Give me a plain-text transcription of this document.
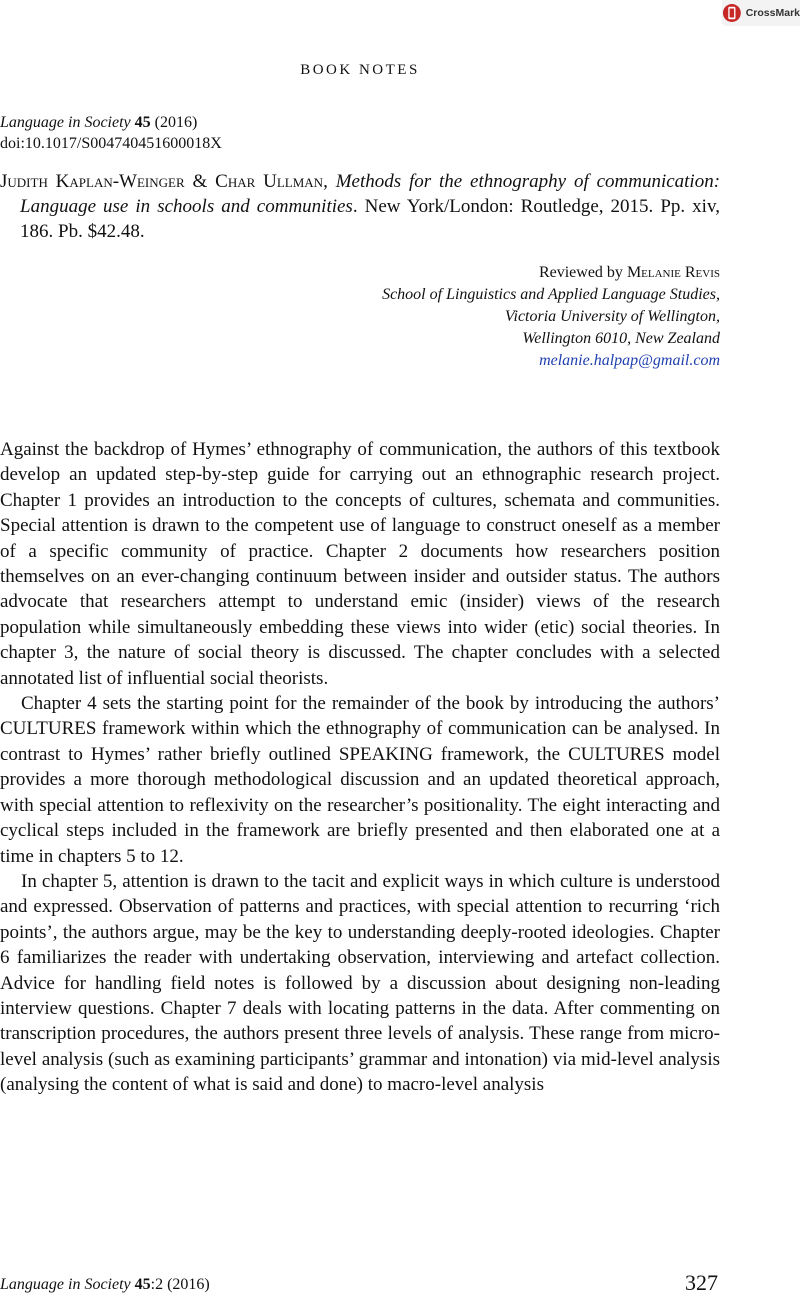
CrossMark
BOOK NOTES
Language in Society 45 (2016)
doi:10.1017/S004740451600018X
Judith Kaplan-Weinger & Char Ullman, Methods for the ethnography of communication: Language use in schools and communities. New York/London: Routledge, 2015. Pp. xiv, 186. Pb. $42.48.
Reviewed by Melanie Revis
School of Linguistics and Applied Language Studies,
Victoria University of Wellington,
Wellington 6010, New Zealand
melanie.halpap@gmail.com

Against the backdrop of Hymes’ ethnography of communication, the authors of this textbook develop an updated step-by-step guide for carrying out an ethnographic research project. Chapter 1 provides an introduction to the concepts of cultures, schemata and communities. Special attention is drawn to the competent use of language to construct oneself as a member of a specific community of practice. Chapter 2 documents how researchers position themselves on an ever-changing continuum between insider and outsider status. The authors advocate that researchers attempt to understand emic (insider) views of the research population while simultaneously embedding these views into wider (etic) social theories. In chapter 3, the nature of social theory is discussed. The chapter concludes with a selected annotated list of influential social theorists.

Chapter 4 sets the starting point for the remainder of the book by introducing the authors’ CULTURES framework within which the ethnography of communication can be analysed. In contrast to Hymes’ rather briefly outlined SPEAKING framework, the CULTURES model provides a more thorough methodological discussion and an updated theoretical approach, with special attention to reflexivity on the researcher’s positionality. The eight interacting and cyclical steps included in the framework are briefly presented and then elaborated one at a time in chapters 5 to 12.

In chapter 5, attention is drawn to the tacit and explicit ways in which culture is understood and expressed. Observation of patterns and practices, with special attention to recurring ‘rich points’, the authors argue, may be the key to understanding deeply-rooted ideologies. Chapter 6 familiarizes the reader with undertaking observation, interviewing and artefact collection. Advice for handling field notes is followed by a discussion about designing non-leading interview questions. Chapter 7 deals with locating patterns in the data. After commenting on transcription procedures, the authors present three levels of analysis. These range from micro-level analysis (such as examining participants’ grammar and intonation) via mid-level analysis (analysing the content of what is said and done) to macro-level analysis

Language in Society 45:2 (2016)	327
